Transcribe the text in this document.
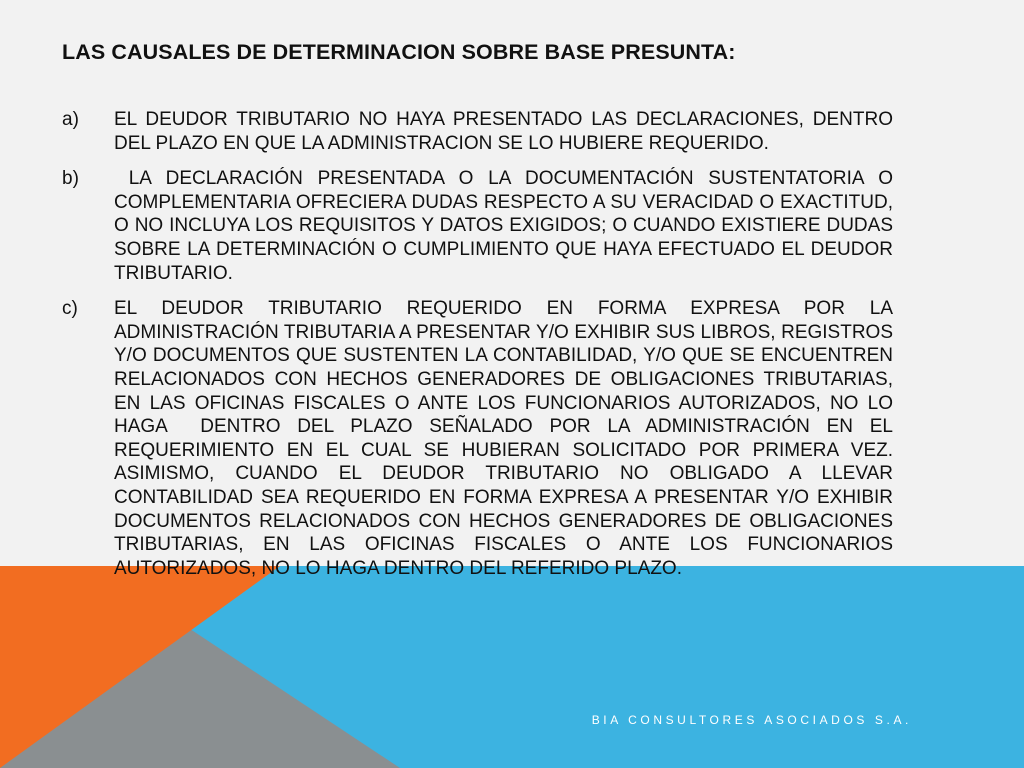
LAS CAUSALES DE DETERMINACION SOBRE BASE PRESUNTA:
a) EL DEUDOR TRIBUTARIO NO HAYA PRESENTADO LAS DECLARACIONES, DENTRO DEL PLAZO EN QUE LA ADMINISTRACION SE LO HUBIERE REQUERIDO.
b) LA DECLARACIÓN PRESENTADA O LA DOCUMENTACIÓN SUSTENTATORIA O COMPLEMENTARIA OFRECIERA DUDAS RESPECTO A SU VERACIDAD O EXACTITUD, O NO INCLUYA LOS REQUISITOS Y DATOS EXIGIDOS; O CUANDO EXISTIERE DUDAS SOBRE LA DETERMINACIÓN O CUMPLIMIENTO QUE HAYA EFECTUADO EL DEUDOR TRIBUTARIO.
c) EL DEUDOR TRIBUTARIO REQUERIDO EN FORMA EXPRESA POR LA ADMINISTRACIÓN TRIBUTARIA A PRESENTAR Y/O EXHIBIR SUS LIBROS, REGISTROS Y/O DOCUMENTOS QUE SUSTENTEN LA CONTABILIDAD, Y/O QUE SE ENCUENTREN RELACIONADOS CON HECHOS GENERADORES DE OBLIGACIONES TRIBUTARIAS, EN LAS OFICINAS FISCALES O ANTE LOS FUNCIONARIOS AUTORIZADOS, NO LO HAGA  DENTRO DEL PLAZO SEÑALADO POR LA ADMINISTRACIÓN EN EL REQUERIMIENTO EN EL CUAL SE HUBIERAN SOLICITADO POR PRIMERA VEZ. ASIMISMO, CUANDO EL DEUDOR TRIBUTARIO NO OBLIGADO A LLEVAR CONTABILIDAD SEA REQUERIDO EN FORMA EXPRESA A PRESENTAR Y/O EXHIBIR DOCUMENTOS RELACIONADOS CON HECHOS GENERADORES DE OBLIGACIONES TRIBUTARIAS, EN LAS OFICINAS FISCALES O ANTE LOS FUNCIONARIOS AUTORIZADOS, NO LO HAGA DENTRO DEL REFERIDO PLAZO.
BIA CONSULTORES ASOCIADOS S.A.
